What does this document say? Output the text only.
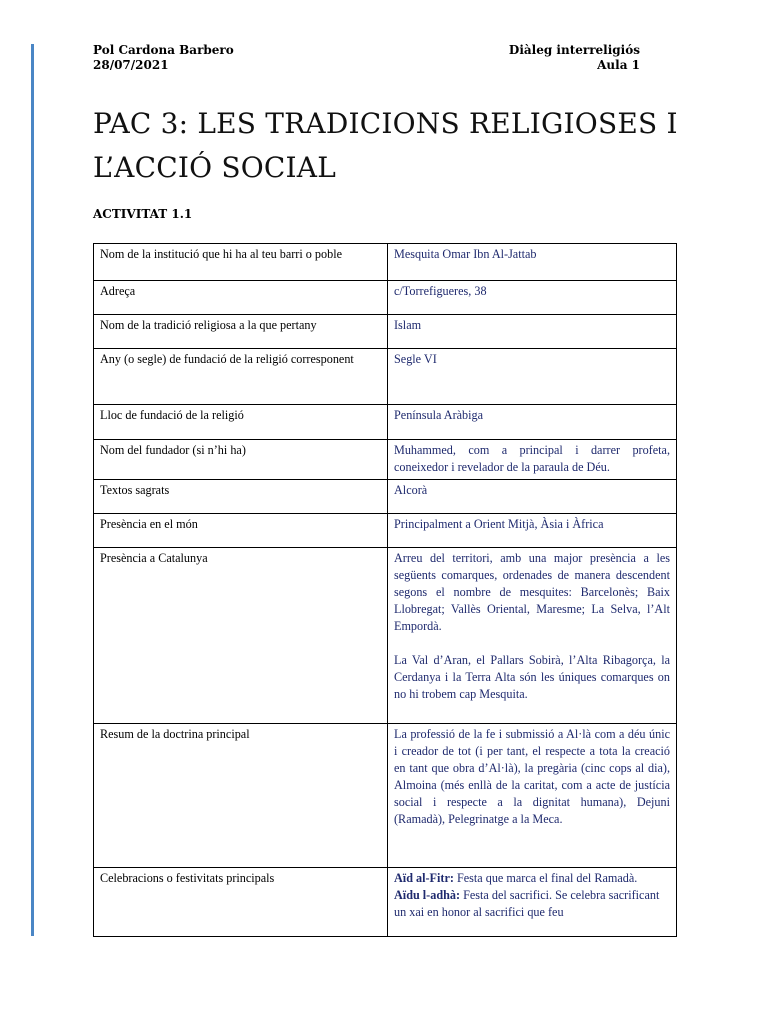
Pol Cardona Barbero
28/07/2021
Diàleg interreligiós
Aula 1
PAC 3: LES TRADICIONS RELIGIOSES I
L’ACCIÓ SOCIAL
ACTIVITAT 1.1
Nom de la institució que hi ha al teu barri o poble	Mesquita Omar Ibn Al-Jattab
Adreça	c/Torrefigueres, 38
Nom de la tradició religiosa a la que pertany	Islam
Any (o segle) de fundació de la religió corresponent	Segle VI
Lloc de fundació de la religió	Península Aràbiga
Nom del fundador (si n’hi ha)	Muhammed, com a principal i darrer profeta, coneixedor i revelador de la paraula de Déu.
Textos sagrats	Alcorà
Presència en el món	Principalment a Orient Mitjà, Àsia i Àfrica
Presència a Catalunya	Arreu del territori, amb una major presència a les següents comarques, ordenades de manera descendent segons el nombre de mesquites: Barcelonès; Baix Llobregat; Vallès Oriental, Maresme; La Selva, l’Alt Empordà.

La Val d’Aran, el Pallars Sobirà, l’Alta Ribagorça, la Cerdanya i la Terra Alta són les úniques comarques on no hi trobem cap Mesquita.

Resum de la doctrina principal	La professió de la fe i submissió a Al·là com a déu únic i creador de tot (i per tant, el respecte a tota la creació en tant que obra d’Al·là), la pregària (cinc cops al dia), Almoina (més enllà de la caritat, com a acte de justícia social i respecte a la dignitat humana), Dejuni (Ramadà), Pelegrinatge a la Meca.
Celebracions o festivitats principals	Aïd al-Fitr: Festa que marca el final del Ramadà.
Aïdu l-adhà: Festa del sacrifici. Se celebra sacrificant un xai en honor al sacrifici que feu
